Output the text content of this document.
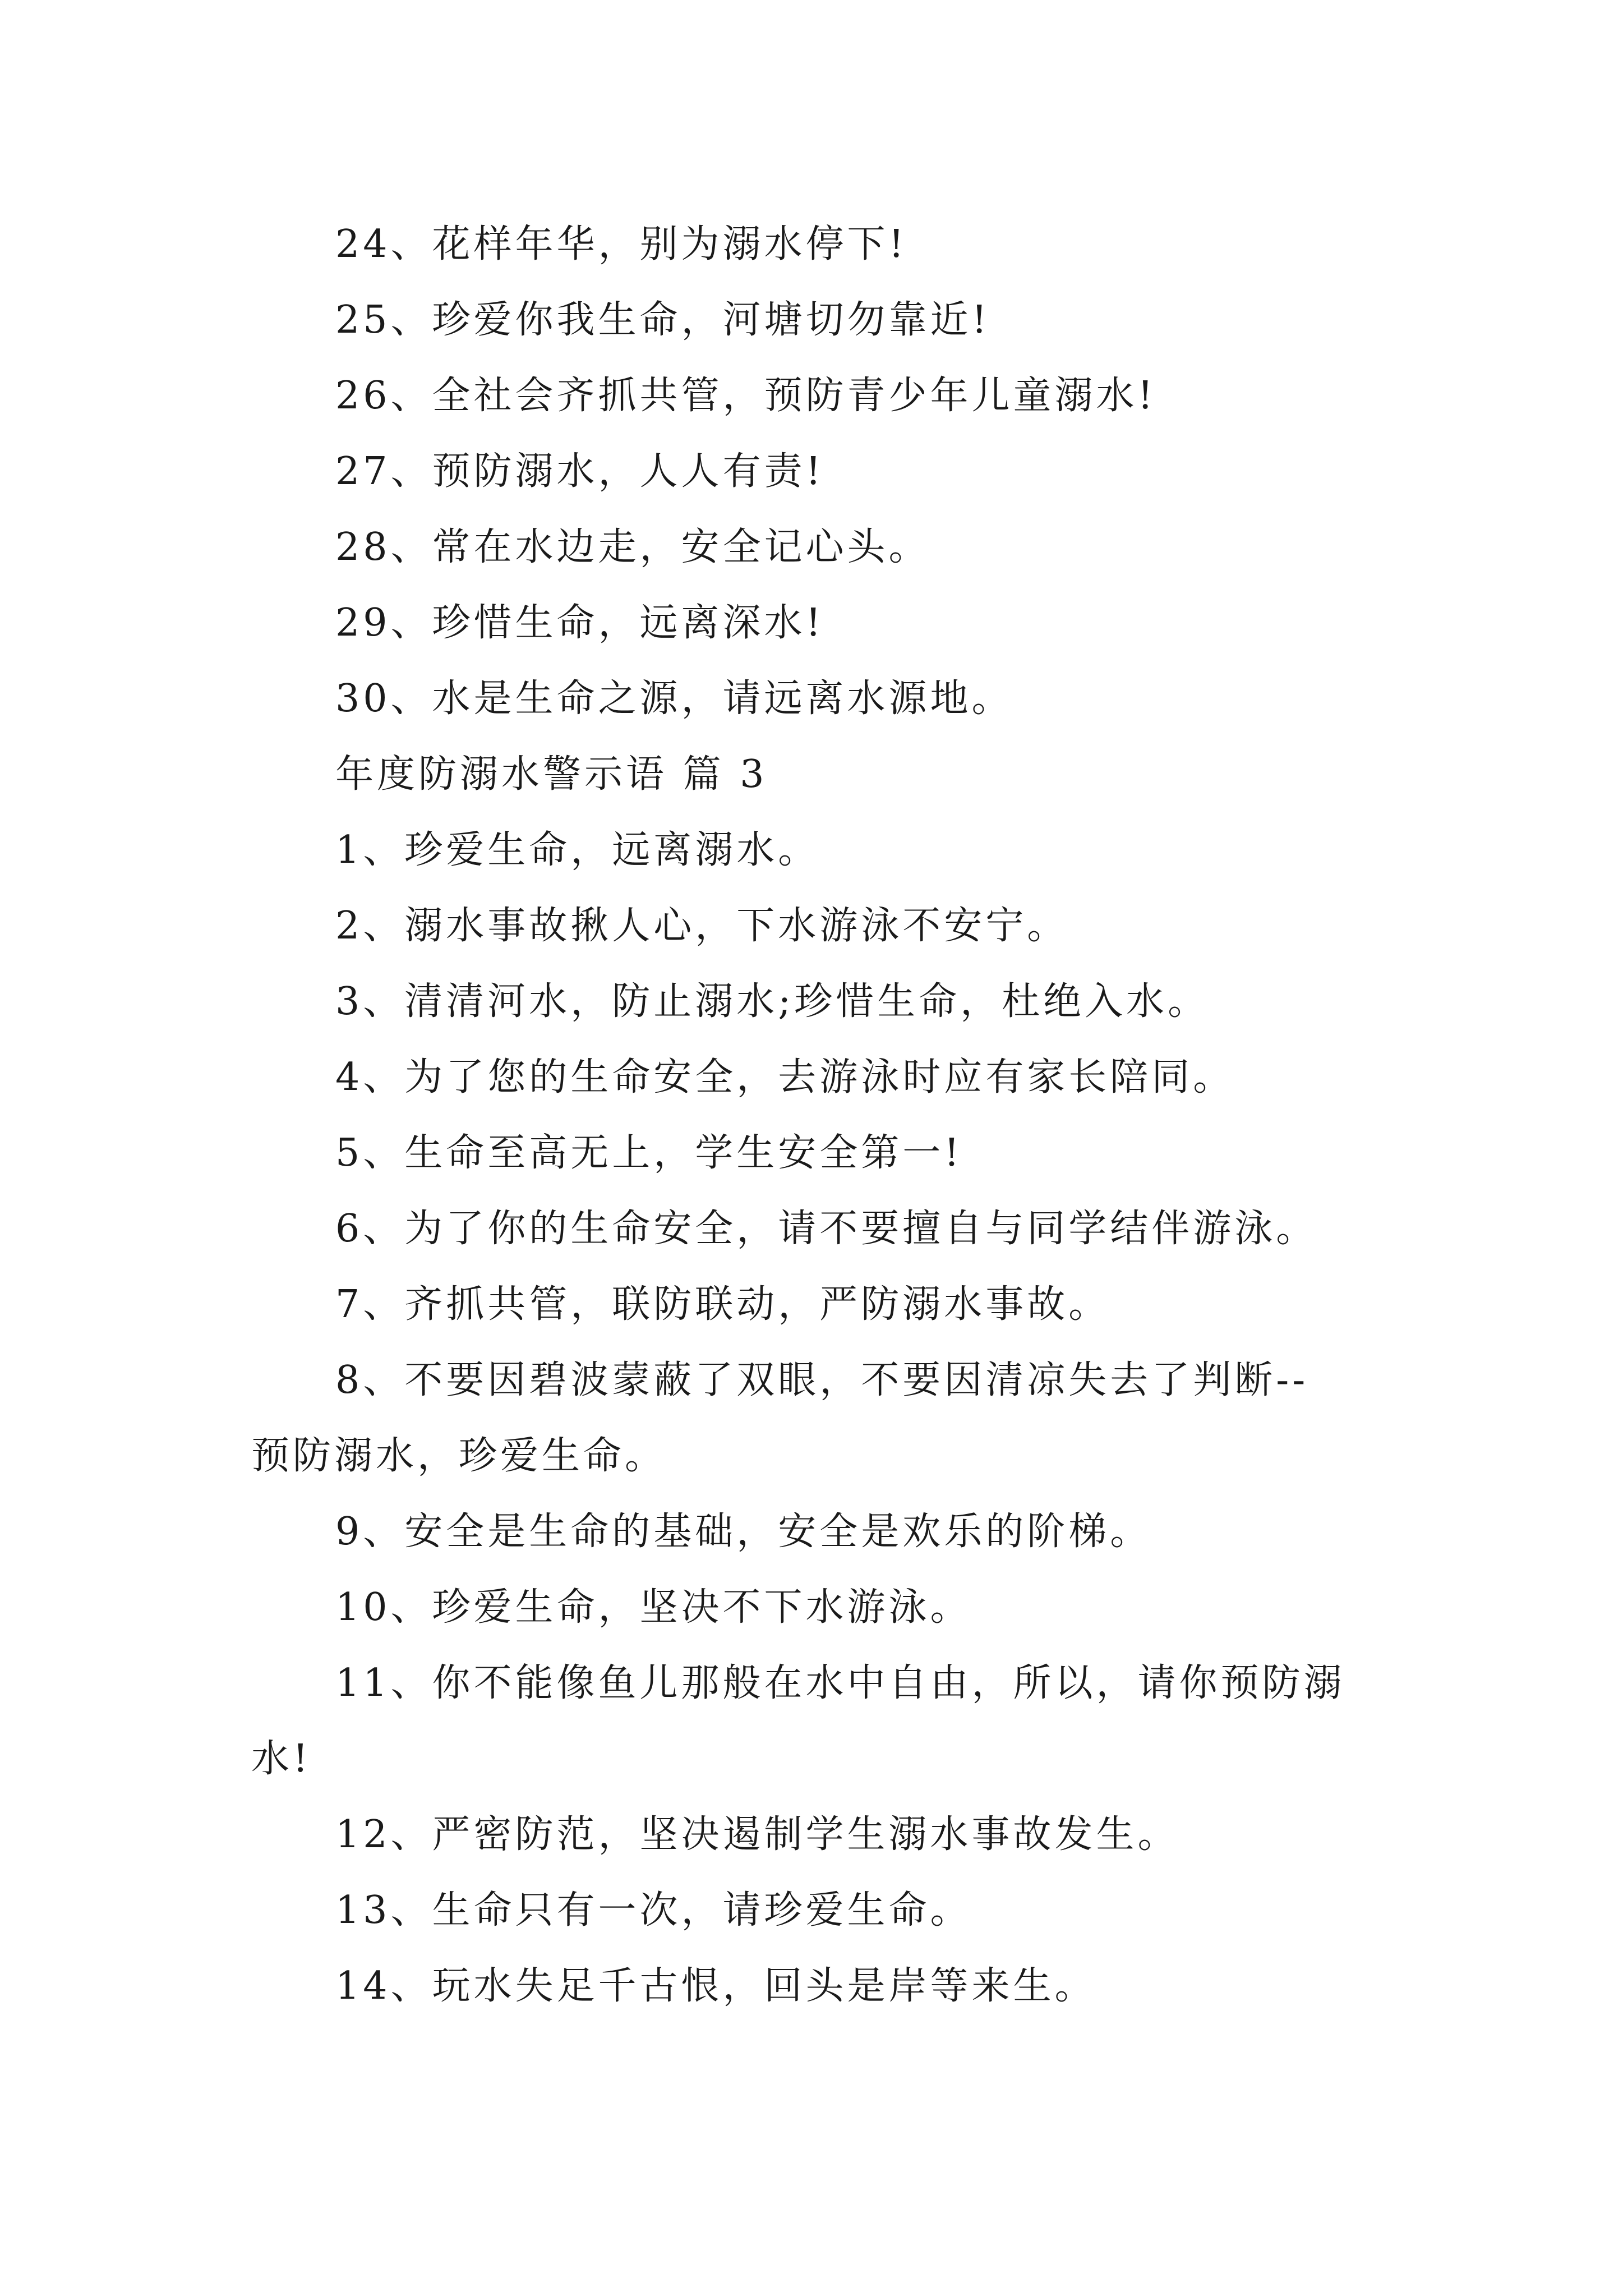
24、花样年华，别为溺水停下!

25、珍爱你我生命，河塘切勿靠近!

26、全社会齐抓共管，预防青少年儿童溺水!

27、预防溺水，人人有责!

28、常在水边走，安全记心头。

29、珍惜生命，远离深水!

30、水是生命之源，请远离水源地。

年度防溺水警示语 篇 3

1、珍爱生命，远离溺水。

2、溺水事故揪人心，下水游泳不安宁。

3、清清河水，防止溺水;珍惜生命，杜绝入水。

4、为了您的生命安全，去游泳时应有家长陪同。

5、生命至高无上，学生安全第一!

6、为了你的生命安全，请不要擅自与同学结伴游泳。

7、齐抓共管，联防联动，严防溺水事故。

8、不要因碧波蒙蔽了双眼，不要因清凉失去了判断--

预防溺水，珍爱生命。

9、安全是生命的基础，安全是欢乐的阶梯。

10、珍爱生命，坚决不下水游泳。

11、你不能像鱼儿那般在水中自由，所以，请你预防溺

水!

12、严密防范，坚决遏制学生溺水事故发生。

13、生命只有一次，请珍爱生命。

14、玩水失足千古恨，回头是岸等来生。
